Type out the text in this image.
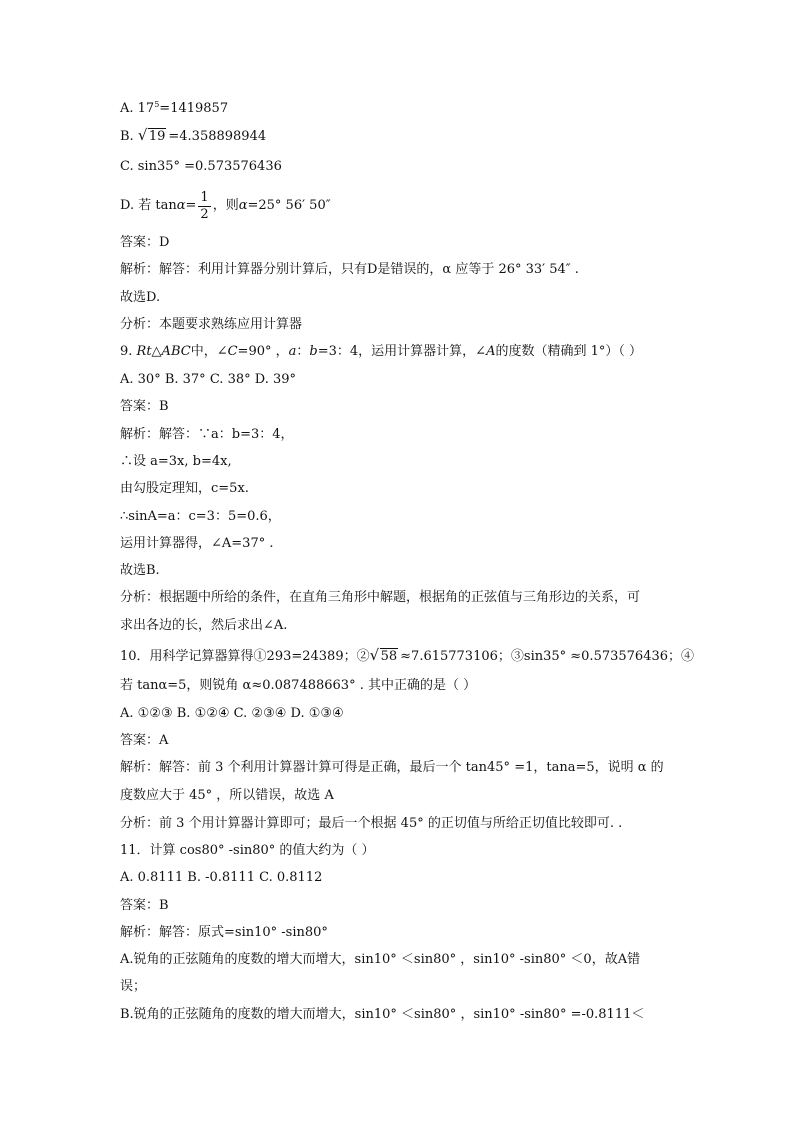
A. $17^5=1419857$
B. √ 19 =4.358898944
C. sin35° =0.573576436
D. 若 $\tan \alpha = \frac{1}{2}$ ，则 α =25° 56′ 50″
答案：D
解析：解答：利用计算器分别计算后，只有D是错误的，α 应等于 26° 33′ 54″ .
故选D.
分析：本题要求熟练应用计算器
9. Rt△ABC中，∠C=90° ，a：b=3：4，运用计算器计算，∠A的度数（精确到 1°）（ ）
A. 30° B. 37° C. 38° D. 39°
答案：B
解析：解答：∵a：b=3：4，
∴设 a=3x, b=4x,
由勾股定理知，c=5x.
∴sinA=a：c=3：5=0.6，
运用计算器得，∠A=37° .
故选B.
分析：根据题中所给的条件，在直角三角形中解题，根据角的正弦值与三角形边的关系，可
求出各边的长，然后求出∠A.
10．用科学记算器算得①293=24389；②√ 58 ≈7.615773106；③sin35° ≈0.573576436；④
若 tanα=5，则锐角 α≈0.087488663° . 其中正确的是（ ）
A. ①②③ B. ①②④ C. ②③④ D. ①③④
答案：A
解析：解答：前 3 个利用计算器计算可得是正确，最后一个 tan45° =1，tana=5，说明 α 的
度数应大于 45° ，所以错误，故选 A
分析：前 3 个用计算器计算即可；最后一个根据 45° 的正切值与所给正切值比较即可. .
11．计算 cos80° -sin80° 的值大约为（ ）
A. 0.8111 B. -0.8111 C. 0.8112
答案：B
解析：解答：原式=sin10° -sin80°
A.锐角的正弦随角的度数的增大而增大，sin10° ＜sin80° ，sin10° -sin80° ＜0，故A错
误；
B.锐角的正弦随角的度数的增大而增大，sin10° ＜sin80° ，sin10° -sin80° =-0.8111＜
